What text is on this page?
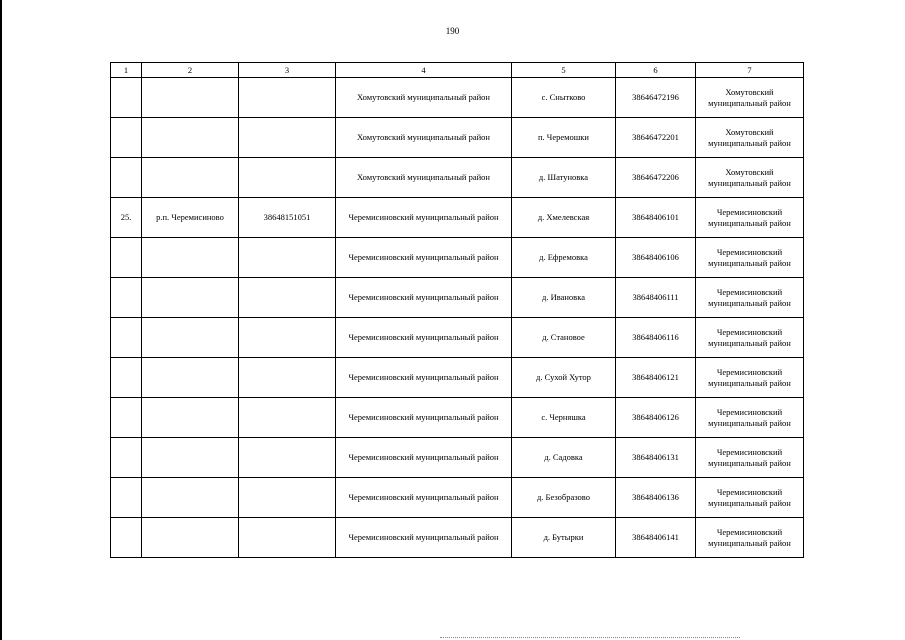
190
1	2	3	4	5	6	7
			Хомутовский муниципальный район	с. Снытково	38646472196	Хомутовский муниципальный район
			Хомутовский муниципальный район	п. Черемошки	38646472201	Хомутовский муниципальный район
			Хомутовский муниципальный район	д. Шатуновка	38646472206	Хомутовский муниципальный район
25.	р.п. Черемисиново	38648151051	Черемисиновский муниципальный район	д. Хмелевская	38648406101	Черемисиновский муниципальный район
			Черемисиновский муниципальный район	д. Ефремовка	38648406106	Черемисиновский муниципальный район
			Черемисиновский муниципальный район	д. Ивановка	38648406111	Черемисиновский муниципальный район
			Черемисиновский муниципальный район	д. Становое	38648406116	Черемисиновский муниципальный район
			Черемисиновский муниципальный район	д. Сухой Хутор	38648406121	Черемисиновский муниципальный район
			Черемисиновский муниципальный район	с. Черняшка	38648406126	Черемисиновский муниципальный район
			Черемисиновский муниципальный район	д. Садовка	38648406131	Черемисиновский муниципальный район
			Черемисиновский муниципальный район	д. Безобразово	38648406136	Черемисиновский муниципальный район
			Черемисиновский муниципальный район	д. Бутырки	38648406141	Черемисиновский муниципальный район
